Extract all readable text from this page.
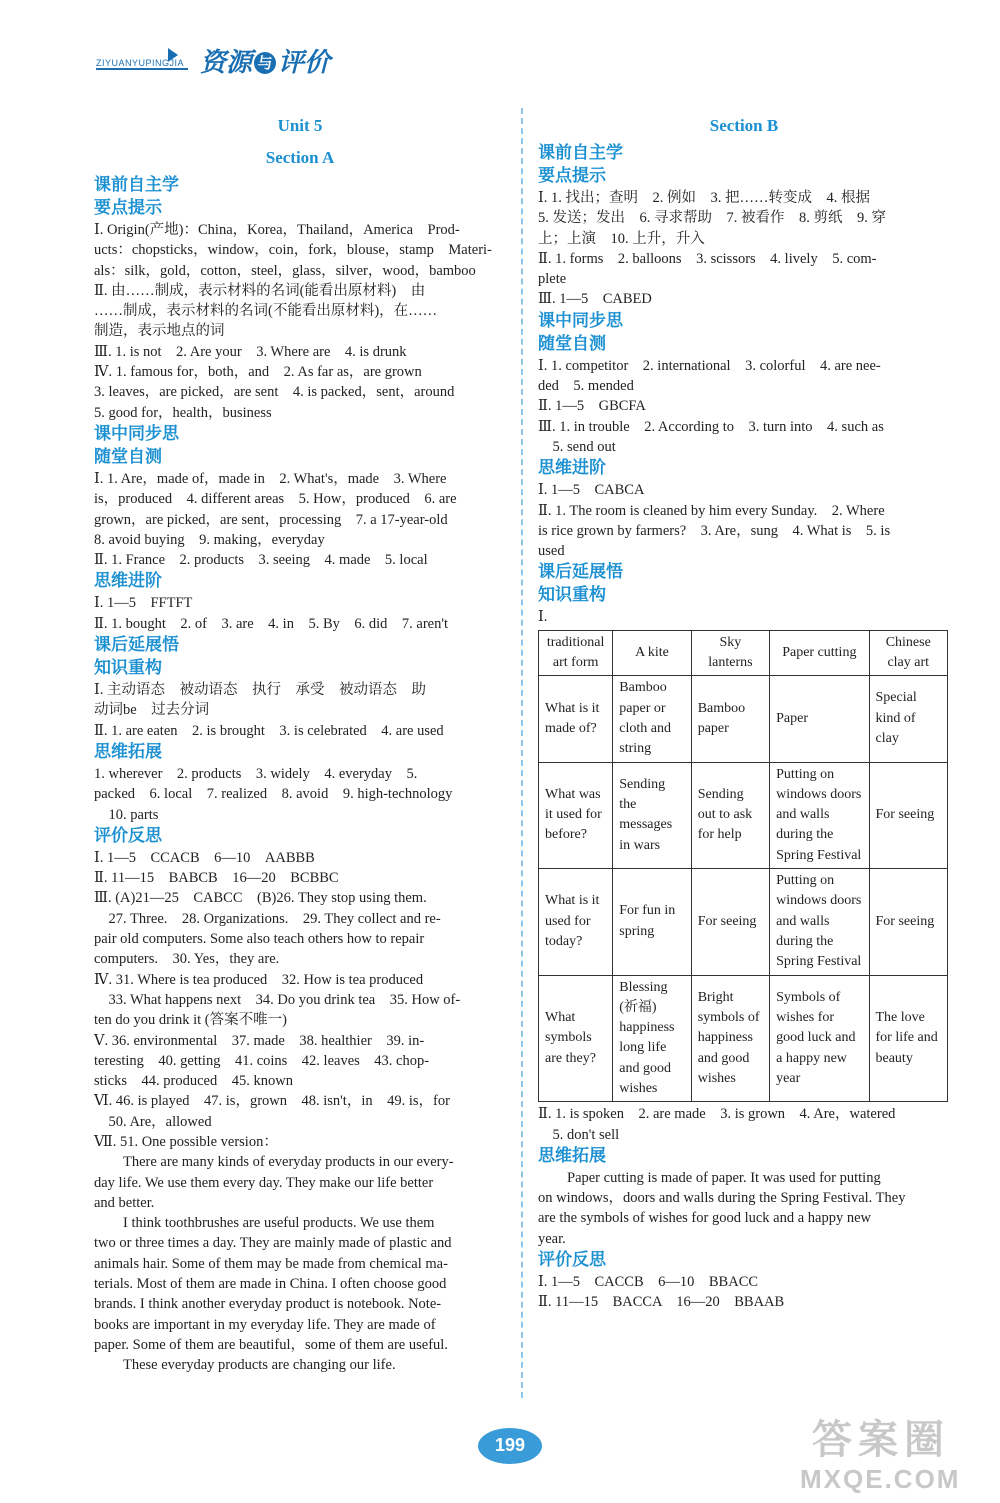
ZIYUANYUPINGJIA 资源 与 评价
Unit 5
Section A
课前自主学
要点提示
Ⅰ. Origin(产地)：China，Korea，Thailand，America　Prod-
ucts：chopsticks，window，coin，fork，blouse，stamp　Materi-
als：silk，gold，cotton，steel，glass，silver，wood，bamboo
Ⅱ. 由……制成，表示材料的名词(能看出原材料)　由
……制成，表示材料的名词(不能看出原材料)，在……
制造，表示地点的词
Ⅲ. 1. is not　2. Are your　3. Where are　4. is drunk
Ⅳ. 1. famous for，both，and　2. As far as，are grown
3. leaves，are picked，are sent　4. is packed，sent，around
5. good for，health，business
课中同步思
随堂自测
Ⅰ. 1. Are，made of，made in　2. What's，made　3. Where
is，produced　4. different areas　5. How，produced　6. are
grown，are picked，are sent，processing　7. a 17-year-old
8. avoid buying　9. making，everyday
Ⅱ. 1. France　2. products　3. seeing　4. made　5. local
思维进阶
Ⅰ. 1—5　FFTFT
Ⅱ. 1. bought　2. of　3. are　4. in　5. By　6. did　7. aren't
课后延展悟
知识重构
Ⅰ. 主动语态　被动语态　执行　承受　被动语态　助
动词be　过去分词
Ⅱ. 1. are eaten　2. is brought　3. is celebrated　4. are used
思维拓展
1. wherever　2. products　3. widely　4. everyday　5.
packed　6. local　7. realized　8. avoid　9. high-technology
　10. parts
评价反思
Ⅰ. 1—5　CCACB　6—10　AABBB
Ⅱ. 11—15　BABCB　16—20　BCBBC
Ⅲ. (A)21—25　CABCC　(B)26. They stop using them.
　27. Three.　28. Organizations.　29. They collect and re-
pair old computers. Some also teach others how to repair
computers.　30. Yes，they are.
Ⅳ. 31. Where is tea produced　32. How is tea produced
　33. What happens next　34. Do you drink tea　35. How of-
ten do you drink it (答案不唯一)
Ⅴ. 36. environmental　37. made　38. healthier　39. in-
teresting　40. getting　41. coins　42. leaves　43. chop-
sticks　44. produced　45. known
Ⅵ. 46. is played　47. is，grown　48. isn't，in　49. is，for
　50. Are，allowed
Ⅶ. 51. One possible version：
There are many kinds of everyday products in our every-
day life. We use them every day. They make our life better
and better.
I think toothbrushes are useful products. We use them
two or three times a day. They are mainly made of plastic and
animals hair. Some of them may be made from chemical ma-
terials. Most of them are made in China. I often choose good
brands. I think another everyday product is notebook. Note-
books are important in my everyday life. They are made of
paper. Some of them are beautiful，some of them are useful.
These everyday products are changing our life.
Section B
课前自主学
要点提示
Ⅰ. 1. 找出；查明　2. 例如　3. 把……转变成　4. 根据
5. 发送；发出　6. 寻求帮助　7. 被看作　8. 剪纸　9. 穿
上；上演　10. 上升，升入
Ⅱ. 1. forms　2. balloons　3. scissors　4. lively　5. com-
plete
Ⅲ. 1—5　CABED
课中同步思
随堂自测
Ⅰ. 1. competitor　2. international　3. colorful　4. are nee-
ded　5. mended
Ⅱ. 1—5　GBCFA
Ⅲ. 1. in trouble　2. According to　3. turn into　4. such as
　5. send out
思维进阶
Ⅰ. 1—5　CABCA
Ⅱ. 1. The room is cleaned by him every Sunday.　2. Where
is rice grown by farmers?　3. Are，sung　4. What is　5. is
used
课后延展悟
知识重构
Ⅰ.
traditional art form	A kite	Sky lanterns	Paper cutting	Chinese clay art
What is it made of?	Bamboo paper or cloth and string	Bamboo paper	Paper	Special kind of clay
What was it used for before?	Sending the messages in wars	Sending out to ask for help	Putting on windows doors and walls during the Spring Festival	For seeing
What is it used for today?	For fun in spring	For seeing	Putting on windows doors and walls during the Spring Festival	For seeing
What symbols are they?	Blessing (祈福) happiness long life and good wishes	Bright symbols of happiness and good wishes	Symbols of wishes for good luck and a happy new year	The love for life and beauty
Ⅱ. 1. is spoken　2. are made　3. is grown　4. Are，watered
　5. don't sell
思维拓展
Paper cutting is made of paper. It was used for putting
on windows，doors and walls during the Spring Festival. They
are the symbols of wishes for good luck and a happy new
year.
评价反思
Ⅰ. 1—5　CACCB　6—10　BBACC
Ⅱ. 11—15　BACCA　16—20　BBAAB
199	答案圈
MXQE.COM
